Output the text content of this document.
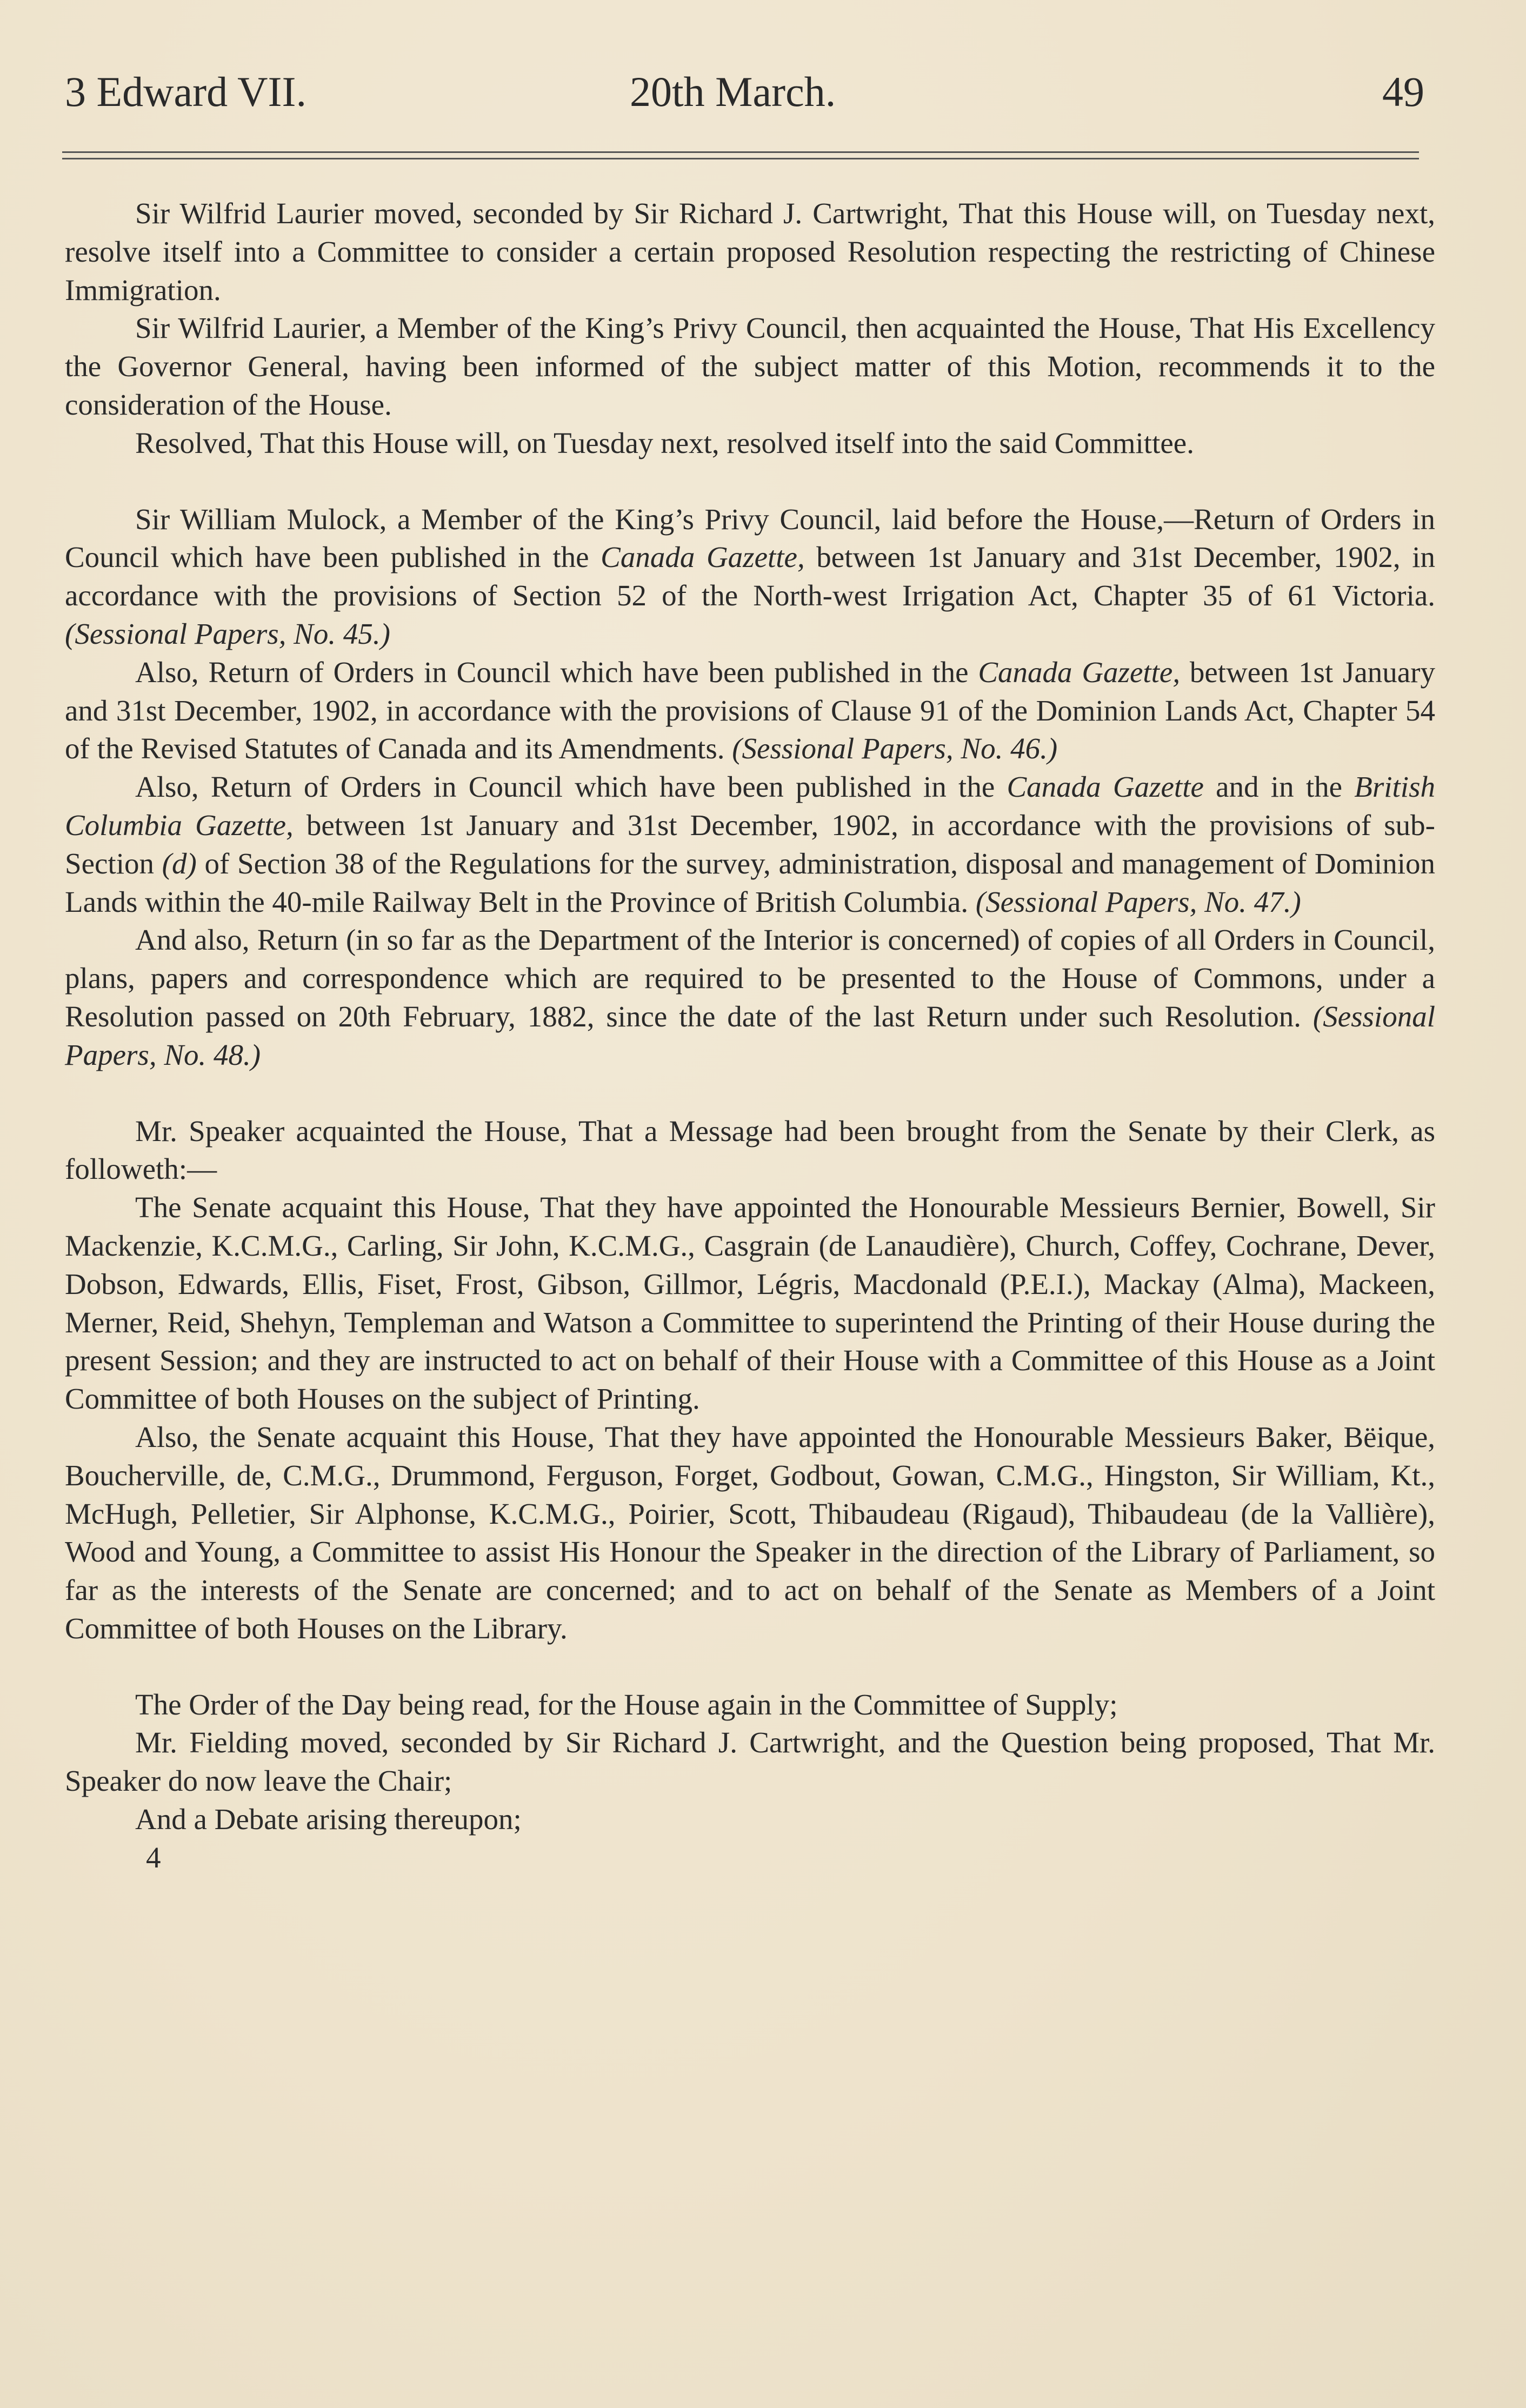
3 Edward VII.	20th March.	49

Sir Wilfrid Laurier moved, seconded by Sir Richard J. Cartwright, That this House will, on Tuesday next, resolve itself into a Committee to consider a certain proposed Resolution respecting the restricting of Chinese Immigration.

Sir Wilfrid Laurier, a Member of the King’s Privy Council, then acquainted the House, That His Excellency the Governor General, having been informed of the subject matter of this Motion, recommends it to the consideration of the House.

Resolved, That this House will, on Tuesday next, resolved itself into the said Committee.

Sir William Mulock, a Member of the King’s Privy Council, laid before the House,—Return of Orders in Council which have been published in the Canada Gazette, between 1st January and 31st December, 1902, in accordance with the provisions of Section 52 of the North-west Irrigation Act, Chapter 35 of 61 Victoria. (Sessional Papers, No. 45.)

Also, Return of Orders in Council which have been published in the Canada Gazette, between 1st January and 31st December, 1902, in accordance with the provisions of Clause 91 of the Dominion Lands Act, Chapter 54 of the Revised Statutes of Canada and its Amendments. (Sessional Papers, No. 46.)

Also, Return of Orders in Council which have been published in the Canada Gazette and in the British Columbia Gazette, between 1st January and 31st December, 1902, in accordance with the provisions of sub-Section (d) of Section 38 of the Regulations for the survey, administration, disposal and management of Dominion Lands within the 40-mile Railway Belt in the Province of British Columbia. (Sessional Papers, No. 47.)

And also, Return (in so far as the Department of the Interior is concerned) of copies of all Orders in Council, plans, papers and correspondence which are required to be presented to the House of Commons, under a Resolution passed on 20th February, 1882, since the date of the last Return under such Resolution. (Sessional Papers, No. 48.)

Mr. Speaker acquainted the House, That a Message had been brought from the Senate by their Clerk, as followeth:—

The Senate acquaint this House, That they have appointed the Honourable Messieurs Bernier, Bowell, Sir Mackenzie, K.C.M.G., Carling, Sir John, K.C.M.G., Casgrain (de Lanaudière), Church, Coffey, Cochrane, Dever, Dobson, Edwards, Ellis, Fiset, Frost, Gibson, Gillmor, Légris, Macdonald (P.E.I.), Mackay (Alma), Mackeen, Merner, Reid, Shehyn, Templeman and Watson a Committee to superintend the Printing of their House during the present Session; and they are instructed to act on behalf of their House with a Committee of this House as a Joint Committee of both Houses on the subject of Printing.

Also, the Senate acquaint this House, That they have appointed the Honourable Messieurs Baker, Bëique, Boucherville, de, C.M.G., Drummond, Ferguson, Forget, Godbout, Gowan, C.M.G., Hingston, Sir William, Kt., McHugh, Pelletier, Sir Alphonse, K.C.M.G., Poirier, Scott, Thibaudeau (Rigaud), Thibaudeau (de la Vallière), Wood and Young, a Committee to assist His Honour the Speaker in the direction of the Library of Parliament, so far as the interests of the Senate are concerned; and to act on behalf of the Senate as Members of a Joint Committee of both Houses on the Library.

The Order of the Day being read, for the House again in the Committee of Supply;

Mr. Fielding moved, seconded by Sir Richard J. Cartwright, and the Question being proposed, That Mr. Speaker do now leave the Chair;

And a Debate arising thereupon;

4
